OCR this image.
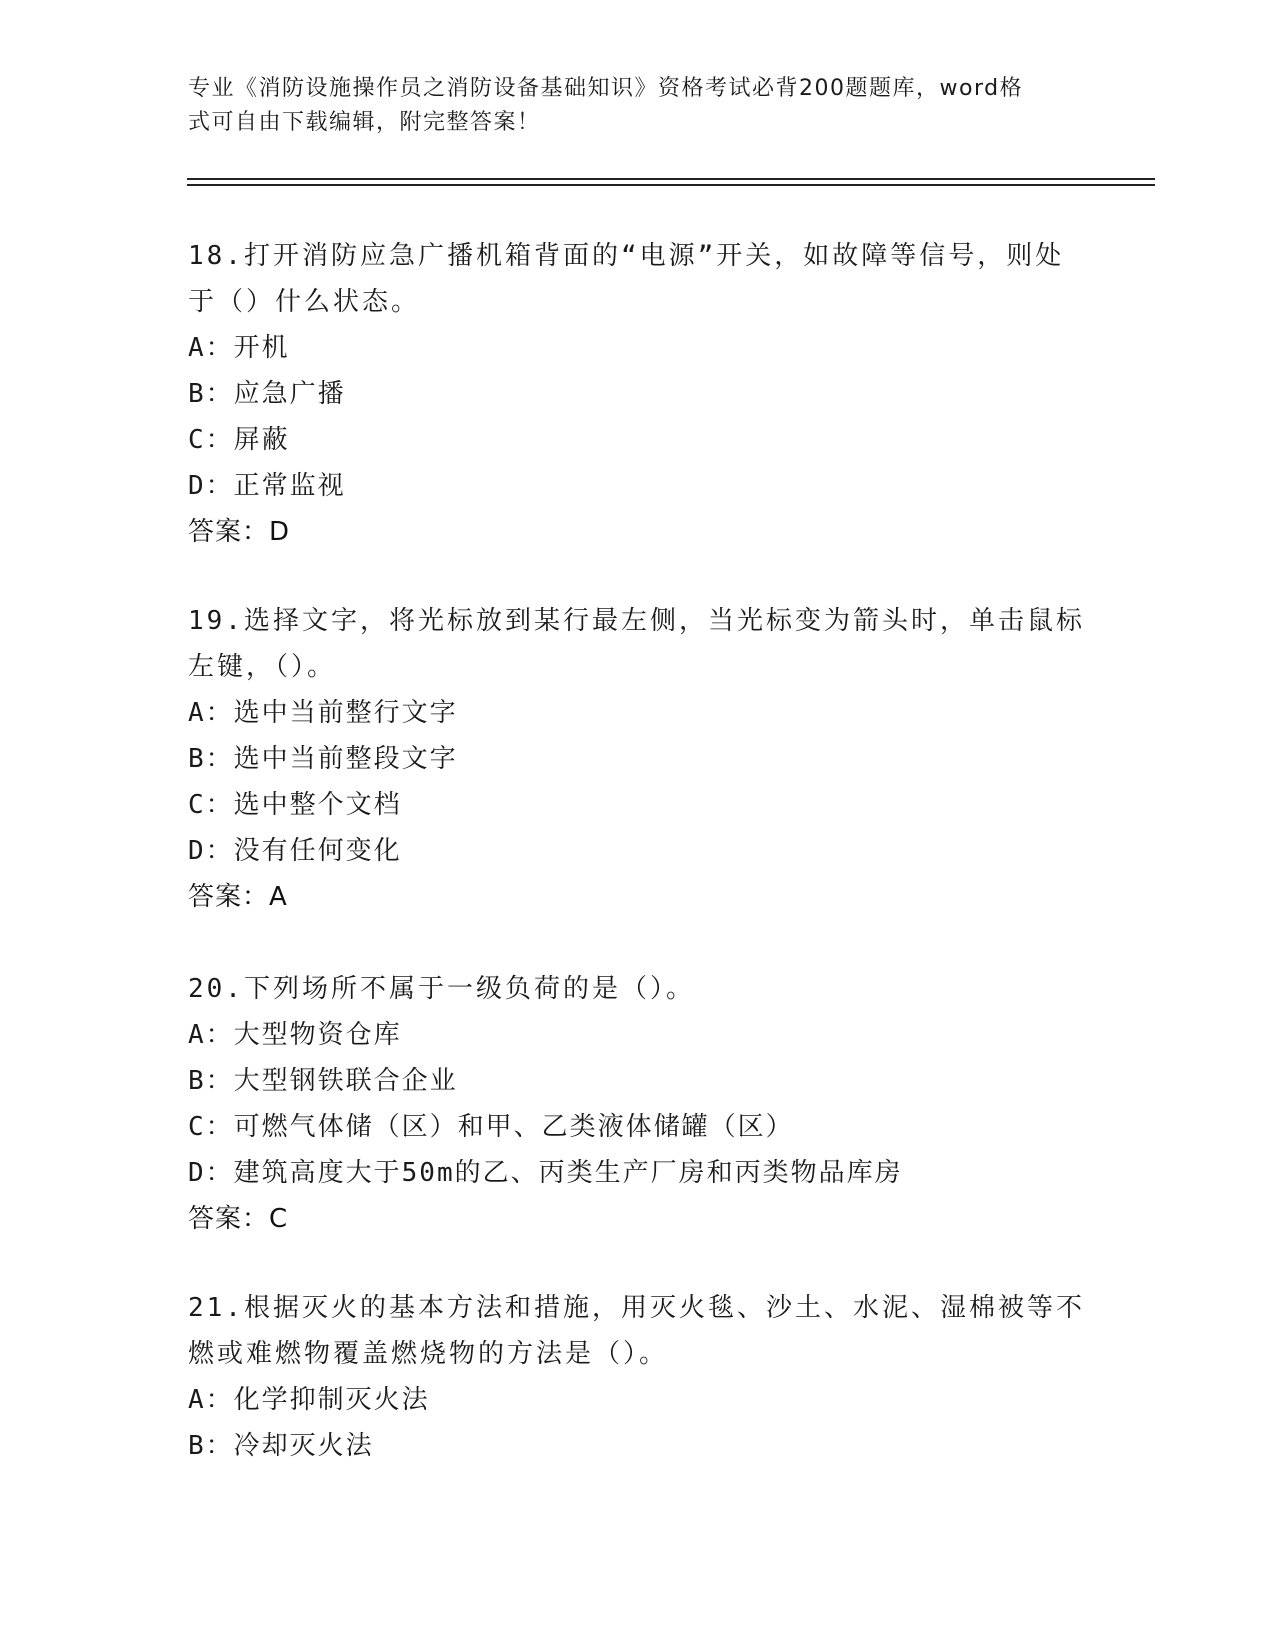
专业《消防设施操作员之消防设备基础知识》资格考试必背200题题库，word格
式可自由下载编辑，附完整答案！
18.打开消防应急广播机箱背面的“电源”开关，如故障等信号，则处
于（）什么状态。
A：开机
B：应急广播
C：屏蔽
D：正常监视
答案：D
19.选择文字，将光标放到某行最左侧，当光标变为箭头时，单击鼠标
左键，（）。
A：选中当前整行文字
B：选中当前整段文字
C：选中整个文档
D：没有任何变化
答案：A
20.下列场所不属于一级负荷的是（）。
A：大型物资仓库
B：大型钢铁联合企业
C：可燃气体储（区）和甲、乙类液体储罐（区）
D：建筑高度大于50m的乙、丙类生产厂房和丙类物品库房
答案：C
21.根据灭火的基本方法和措施，用灭火毯、沙土、水泥、湿棉被等不
燃或难燃物覆盖燃烧物的方法是（）。
A：化学抑制灭火法
B：冷却灭火法
